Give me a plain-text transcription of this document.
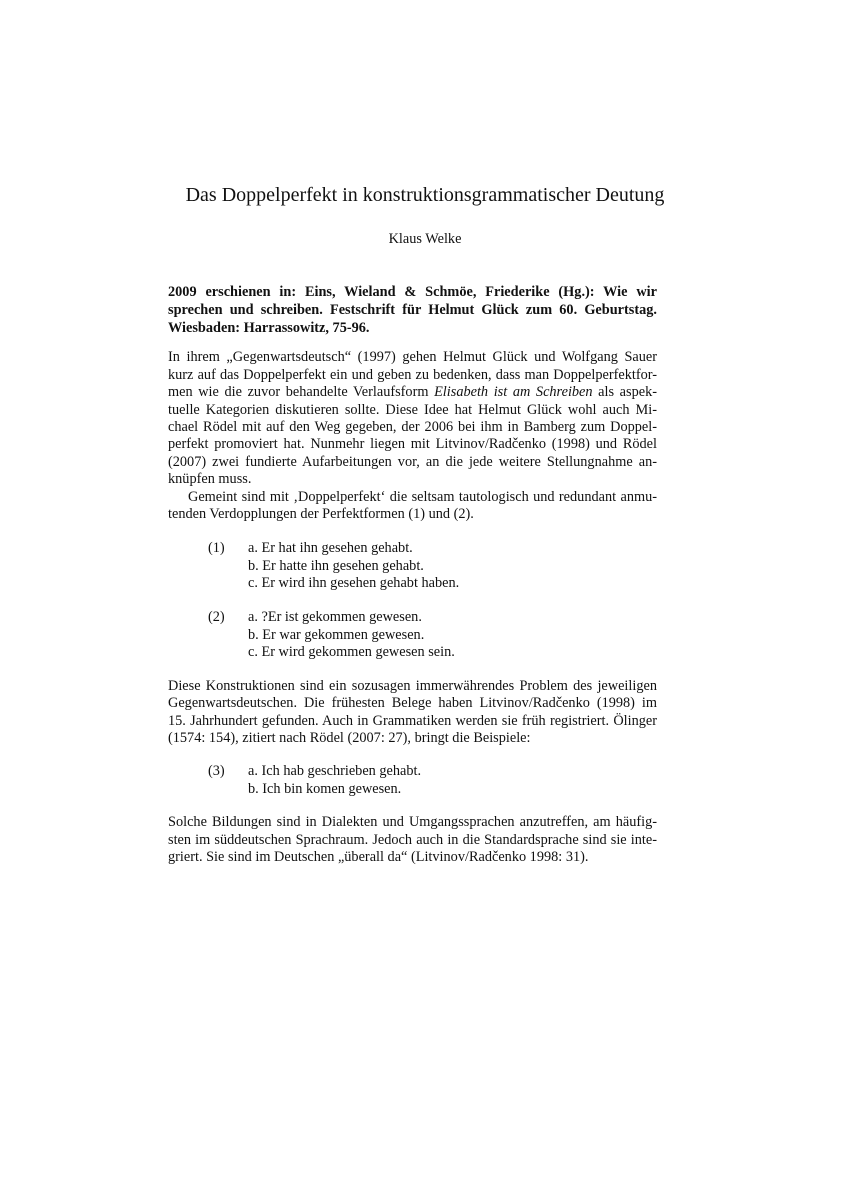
Das Doppelperfekt in konstruktionsgrammatischer Deutung
Klaus Welke
2009 erschienen in: Eins, Wieland & Schmöe, Friederike (Hg.): Wie wir
sprechen und schreiben. Festschrift für Helmut Glück zum 60. Geburtstag.
Wiesbaden: Harrassowitz, 75-96.
In ihrem „Gegenwartsdeutsch“ (1997) gehen Helmut Glück und Wolfgang Sauer
kurz auf das Doppelperfekt ein und geben zu bedenken, dass man Doppelperfektfor-
men wie die zuvor behandelte Verlaufsform Elisabeth ist am Schreiben als aspek-
tuelle Kategorien diskutieren sollte. Diese Idee hat Helmut Glück wohl auch Mi-
chael Rödel mit auf den Weg gegeben, der 2006 bei ihm in Bamberg zum Doppel-
perfekt promoviert hat. Nunmehr liegen mit Litvinov/Radčenko (1998) und Rödel
(2007) zwei fundierte Aufarbeitungen vor, an die jede weitere Stellungnahme an-
knüpfen muss.
Gemeint sind mit ‚Doppelperfekt‘ die seltsam tautologisch und redundant anmu-
tenden Verdopplungen der Perfektformen (1) und (2).
(1) a. Er hat ihn gesehen gehabt.
b. Er hatte ihn gesehen gehabt.
c. Er wird ihn gesehen gehabt haben.
(2) a. ?Er ist gekommen gewesen.
b. Er war gekommen gewesen.
c. Er wird gekommen gewesen sein.
Diese Konstruktionen sind ein sozusagen immerwährendes Problem des jeweiligen
Gegenwartsdeutschen. Die frühesten Belege haben Litvinov/Radčenko (1998) im
15. Jahrhundert gefunden. Auch in Grammatiken werden sie früh registriert. Ölinger
(1574: 154), zitiert nach Rödel (2007: 27), bringt die Beispiele:
(3) a. Ich hab geschrieben gehabt.
b. Ich bin komen gewesen.
Solche Bildungen sind in Dialekten und Umgangssprachen anzutreffen, am häufig-
sten im süddeutschen Sprachraum. Jedoch auch in die Standardsprache sind sie inte-
griert. Sie sind im Deutschen „überall da“ (Litvinov/Radčenko 1998: 31).
